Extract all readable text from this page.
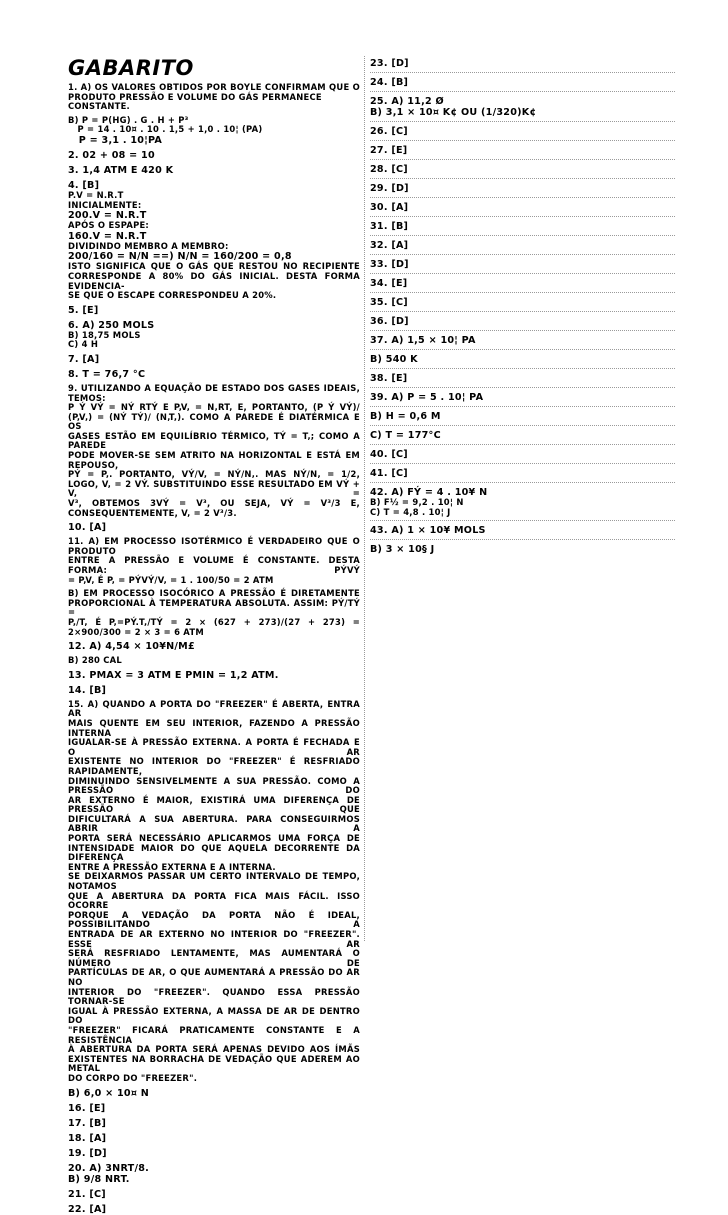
GABARITO
1. A) OS VALORES OBTIDOS POR BOYLE CONFIRMAM QUE O
PRODUTO PRESSÃO E VOLUME DO GÁS PERMANECE CONSTANTE.
B) P = P(HG) . G . H + P³
P = 14 . 10¤ . 10 . 1,5 + 1,0 . 10¦ (PA)
P = 3,1 . 10¦PA
2. 02 + 08 = 10
3. 1,4 ATM E 420 K
4. [B]
P.V = N.R.T
INICIALMENTE:
200.V = N.R.T
APÓS O ESPAPE:
160.V = N.R.T
DIVIDINDO MEMBRO A MEMBRO:
200/160 = N/N ==) N/N = 160/200 = 0,8
ISTO SIGNIFICA QUE O GÁS QUE RESTOU NO RECIPIENTE
CORRESPONDE A 80% DO GÁS INICIAL. DESTA FORMA EVIDENCIA-
SE QUE O ESCAPE CORRESPONDEU A 20%.
5. [E]
6. A) 250 MOLS
B) 18,75 MOLS
C) 4 H
7. [A]
8. T = 76,7 °C
9. UTILIZANDO A EQUAÇÃO DE ESTADO DOS GASES IDEAIS, TEMOS:
P Ý VÝ = NÝ RTÝ E P‚V‚ = N‚RT‚ E, PORTANTO, (P Ý VÝ)/
(P‚V‚) = (NÝ TÝ)/ (N‚T‚). COMO A PAREDE É DIATÉRMICA E OS
GASES ESTÃO EM EQUILÍBRIO TÉRMICO, TÝ = T‚; COMO A PAREDE
PODE MOVER-SE SEM ATRITO NA HORIZONTAL E ESTÁ EM REPOUSO,
PÝ = P‚. PORTANTO, VÝ/V‚ = NÝ/N‚. MAS NÝ/N‚ = 1/2,
LOGO, V‚ = 2 VÝ. SUBSTITUINDO ESSE RESULTADO EM VÝ + V‚ =
V³, OBTEMOS 3VÝ = V³, OU SEJA, VÝ = V³/3 E,
CONSEQUENTEMENTE, V‚ = 2 V³/3.
10. [A]
11. A) EM PROCESSO ISOTÉRMICO É VERDADEIRO QUE O PRODUTO
ENTRE A PRESSÃO E VOLUME É CONSTANTE. DESTA FORMA: PÝVÝ
= P‚V‚ É P‚ = PÝVÝ/V‚ = 1 . 100/50 = 2 ATM
B) EM PROCESSO ISOCÓRICO A PRESSÃO É DIRETAMENTE
PROPORCIONAL À TEMPERATURA ABSOLUTA. ASSIM: PÝ/TÝ =
P‚/T‚ É P‚=PÝ.T‚/TÝ = 2 × (627 + 273)/(27 + 273) =
2×900/300 = 2 × 3 = 6 ATM
12. A) 4,54 × 10¥N/M£
B) 280 CAL
13. PMAX = 3 ATM E PMIN = 1,2 ATM.
14. [B]
15. A) QUANDO A PORTA DO "FREEZER" É ABERTA, ENTRA AR
MAIS QUENTE EM SEU INTERIOR, FAZENDO A PRESSÃO INTERNA
IGUALAR-SE À PRESSÃO EXTERNA. A PORTA É FECHADA E O AR
EXISTENTE NO INTERIOR DO "FREEZER" É RESFRIADO RAPIDAMENTE,
DIMINUINDO SENSIVELMENTE A SUA PRESSÃO. COMO A PRESSÃO DO
AR EXTERNO É MAIOR, EXISTIRÁ UMA DIFERENÇA DE PRESSÃO QUE
DIFICULTARÁ A SUA ABERTURA. PARA CONSEGUIRMOS ABRIR A
PORTA SERÁ NECESSÁRIO APLICARMOS UMA FORÇA DE
INTENSIDADE MAIOR DO QUE AQUELA DECORRENTE DA DIFERENÇA
ENTRE A PRESSÃO EXTERNA E A INTERNA.
SE DEIXARMOS PASSAR UM CERTO INTERVALO DE TEMPO, NOTAMOS
QUE A ABERTURA DA PORTA FICA MAIS FÁCIL. ISSO OCORRE
PORQUE A VEDAÇÃO DA PORTA NÃO É IDEAL, POSSIBILITANDO A
ENTRADA DE AR EXTERNO NO INTERIOR DO "FREEZER". ESSE AR
SERÁ RESFRIADO LENTAMENTE, MAS AUMENTARÁ O NÚMERO DE
PARTÍCULAS DE AR, O QUE AUMENTARÁ A PRESSÃO DO AR NO
INTERIOR DO "FREEZER". QUANDO ESSA PRESSÃO TORNAR-SE
IGUAL À PRESSÃO EXTERNA, A MASSA DE AR DE DENTRO DO
"FREEZER" FICARÁ PRATICAMENTE CONSTANTE E A RESISTÊNCIA
À ABERTURA DA PORTA SERÁ APENAS DEVIDO AOS ÍMÃS
EXISTENTES NA BORRACHA DE VEDAÇÃO QUE ADEREM AO METAL
DO CORPO DO "FREEZER".
B) 6,0 × 10¤ N
16. [E]
17. [B]
18. [A]
19. [D]
20. A) 3NRT/8.
B) 9/8 NRT.
21. [C]
22. [A]
23. [D]
24. [B]
25. A) 11,2 Ø
B) 3,1 × 10¤ K¢ OU (1/320)K¢
26. [C]
27. [E]
28. [C]
29. [D]
30. [A]
31. [B]
32. [A]
33. [D]
34. [E]
35. [C]
36. [D]
37. A) 1,5 × 10¦ PA
B) 540 K
38. [E]
39. A) P = 5 . 10¦ PA
B) H = 0,6 M
C) T = 177°C
40. [C]
41. [C]
42. A) FÝ = 4 . 10¥ N
B) F½ = 9,2 . 10¦ N
C) T = 4,8 . 10¦ J
43. A) 1 × 10¥ MOLS
B) 3 × 10§ J
